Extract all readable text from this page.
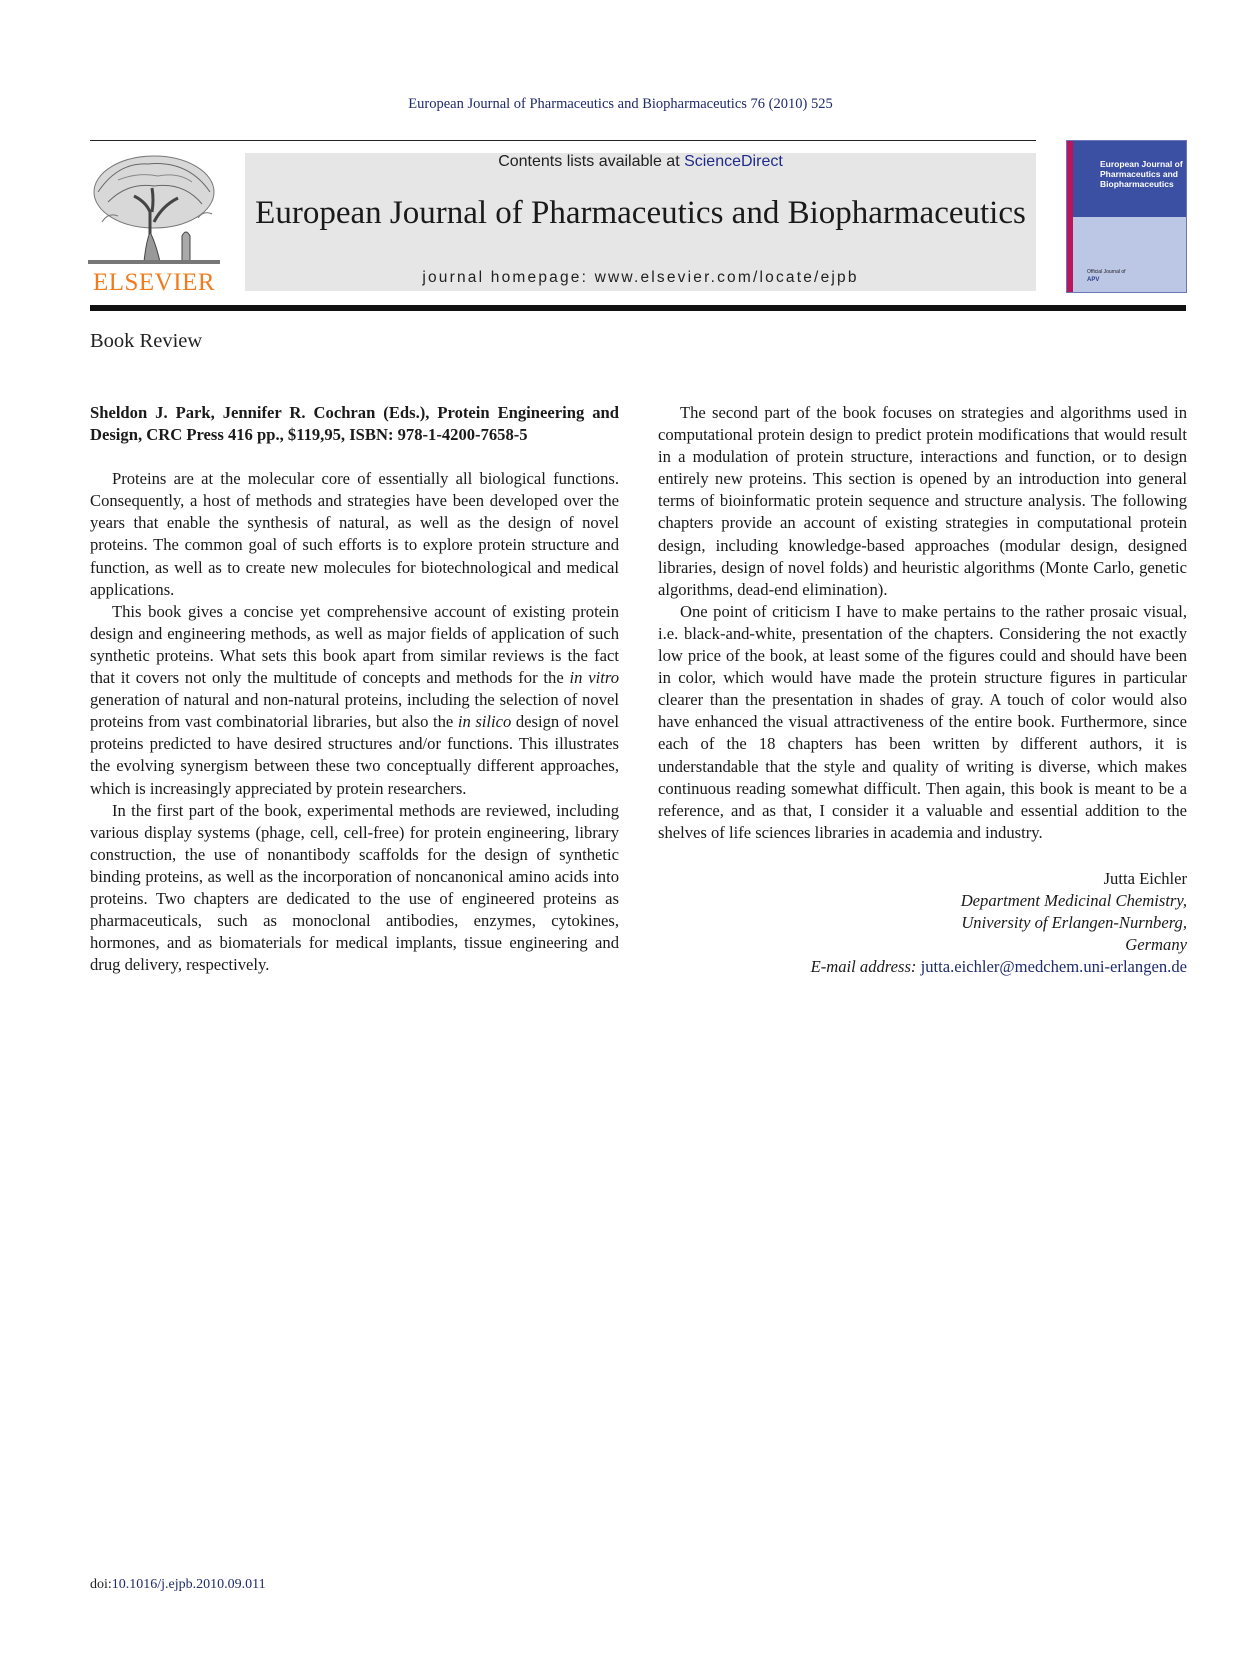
European Journal of Pharmaceutics and Biopharmaceutics 76 (2010) 525
ELSEVIER
Contents lists available at ScienceDirect
European Journal of Pharmaceutics and Biopharmaceutics
journal homepage: www.elsevier.com/locate/ejpb
European Journal of Pharmaceutics and Biopharmaceutics
Official Journal of
APV
Book Review

Sheldon J. Park, Jennifer R. Cochran (Eds.), Protein Engineering and Design, CRC Press 416 pp., $119,95, ISBN: 978-1-4200-7658-5

Proteins are at the molecular core of essentially all biological functions. Consequently, a host of methods and strategies have been developed over the years that enable the synthesis of natural, as well as the design of novel proteins. The common goal of such efforts is to explore protein structure and function, as well as to create new molecules for biotechnological and medical applications.

This book gives a concise yet comprehensive account of existing protein design and engineering methods, as well as major fields of application of such synthetic proteins. What sets this book apart from similar reviews is the fact that it covers not only the multitude of concepts and methods for the in vitro generation of natural and non-natural proteins, including the selection of novel proteins from vast combinatorial libraries, but also the in silico design of novel proteins predicted to have desired structures and/or functions. This illustrates the evolving synergism between these two conceptually different approaches, which is increasingly appreciated by protein researchers.

In the first part of the book, experimental methods are reviewed, including various display systems (phage, cell, cell-free) for protein engineering, library construction, the use of nonantibody scaffolds for the design of synthetic binding proteins, as well as the incorporation of noncanonical amino acids into proteins. Two chapters are dedicated to the use of engineered proteins as pharmaceuticals, such as monoclonal antibodies, enzymes, cytokines, hormones, and as biomaterials for medical implants, tissue engineering and drug delivery, respectively.

The second part of the book focuses on strategies and algorithms used in computational protein design to predict protein modifications that would result in a modulation of protein structure, interactions and function, or to design entirely new proteins. This section is opened by an introduction into general terms of bioinformatic protein sequence and structure analysis. The following chapters provide an account of existing strategies in computational protein design, including knowledge-based approaches (modular design, designed libraries, design of novel folds) and heuristic algorithms (Monte Carlo, genetic algorithms, dead-end elimination).

One point of criticism I have to make pertains to the rather prosaic visual, i.e. black-and-white, presentation of the chapters. Considering the not exactly low price of the book, at least some of the figures could and should have been in color, which would have made the protein structure figures in particular clearer than the presentation in shades of gray. A touch of color would also have enhanced the visual attractiveness of the entire book. Furthermore, since each of the 18 chapters has been written by different authors, it is understandable that the style and quality of writing is diverse, which makes continuous reading somewhat difficult. Then again, this book is meant to be a reference, and as that, I consider it a valuable and essential addition to the shelves of life sciences libraries in academia and industry.

Jutta Eichler
Department Medicinal Chemistry,
University of Erlangen-Nurnberg,
Germany
E-mail address: jutta.eichler@medchem.uni-erlangen.de
doi:10.1016/j.ejpb.2010.09.011
